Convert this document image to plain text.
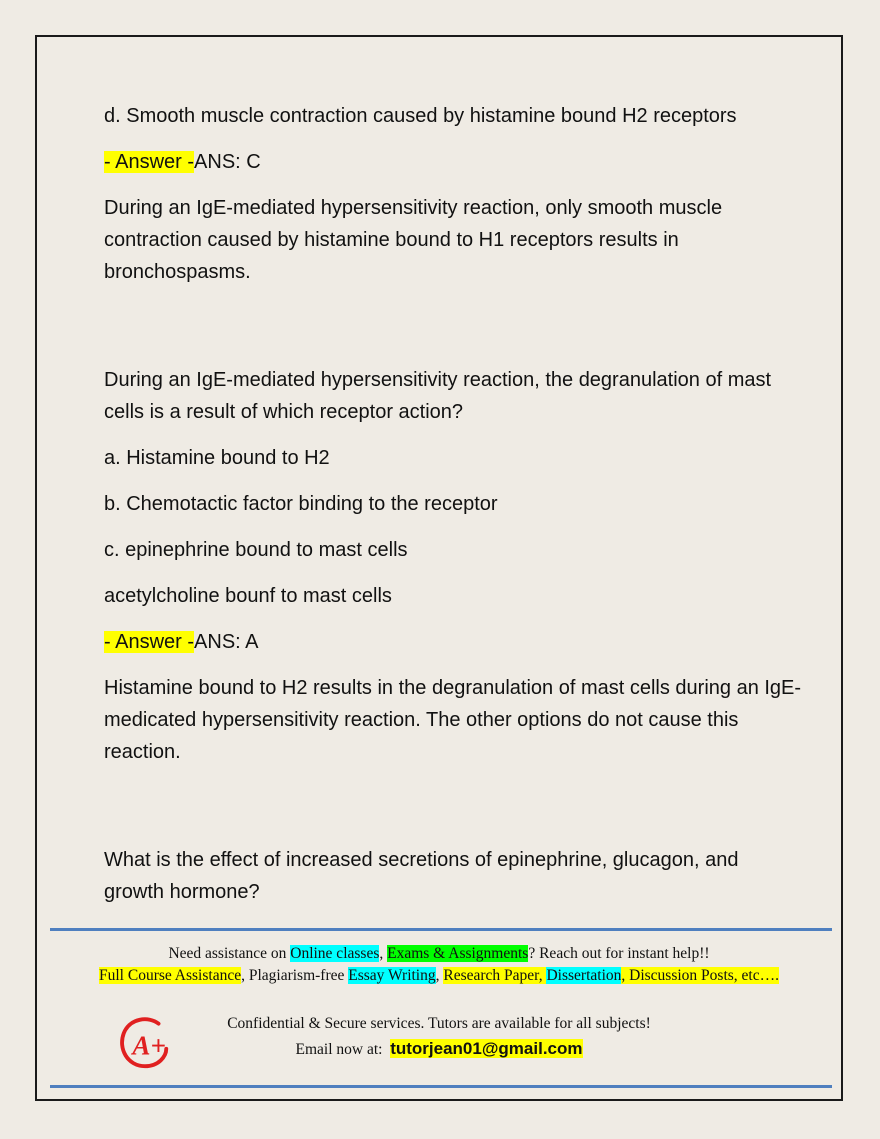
d. Smooth muscle contraction caused by histamine bound H2 receptors

- Answer -ANS: C

During an IgE-mediated hypersensitivity reaction, only smooth muscle contraction caused by histamine bound to H1 receptors results in bronchospasms.

During an IgE-mediated hypersensitivity reaction, the degranulation of mast cells is a result of which receptor action?

a. Histamine bound to H2

b. Chemotactic factor binding to the receptor

c. epinephrine bound to mast cells

acetylcholine bounf to mast cells

- Answer -ANS: A

Histamine bound to H2 results in the degranulation of mast cells during an IgE-medicated hypersensitivity reaction. The other options do not cause this reaction.

What is the effect of increased secretions of epinephrine, glucagon, and growth hormone?

Need assistance on Online classes, Exams & Assignments? Reach out for instant help!!
Full Course Assistance, Plagiarism-free Essay Writing, Research Paper, Dissertation, Discussion Posts, etc….
A+
Confidential & Secure services. Tutors are available for all subjects!
Email now at: tutorjean01@gmail.com
